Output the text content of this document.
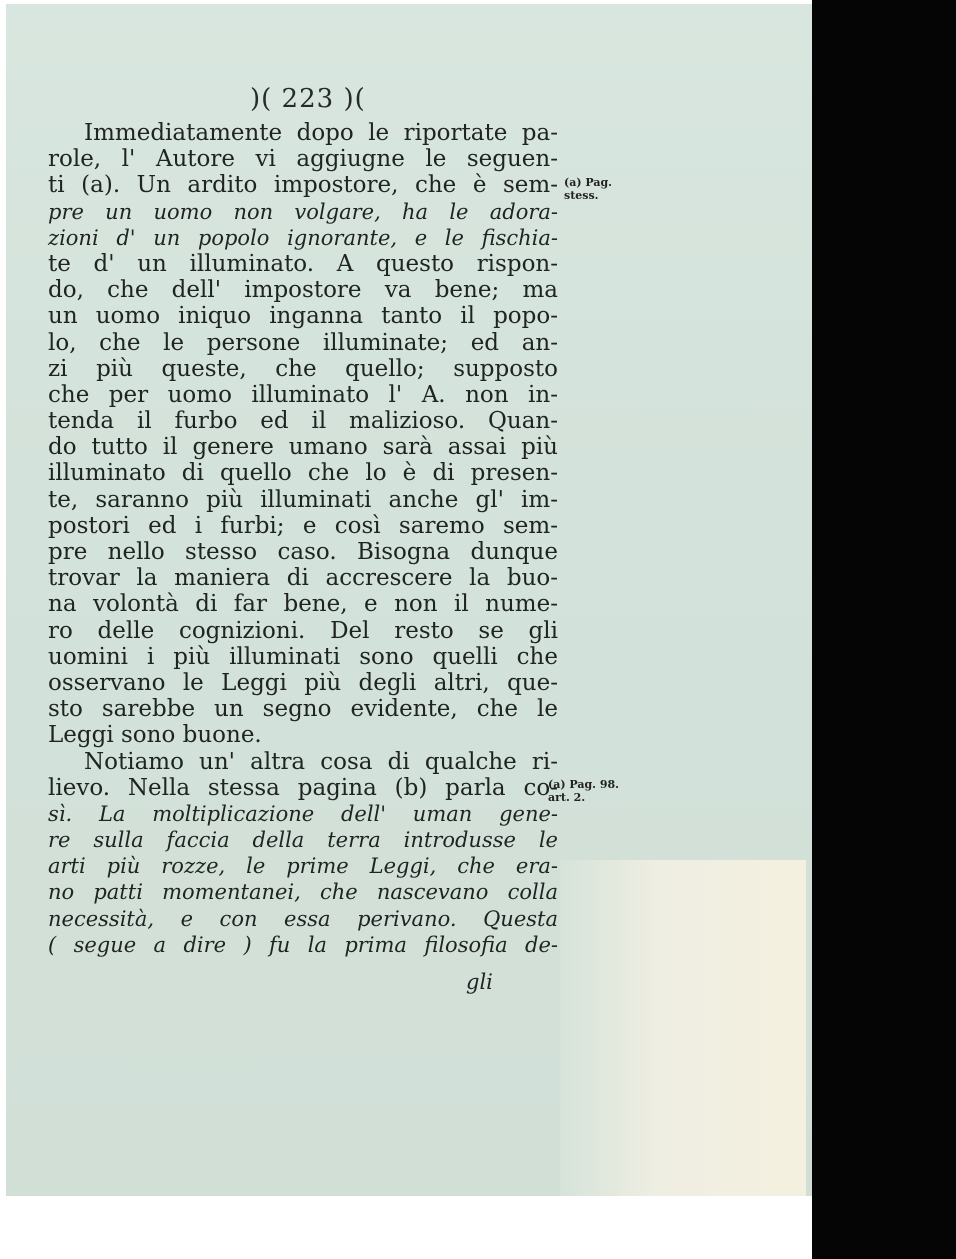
)( 223 )(
Immediatamente dopo le riportate pa-
role, l' Autore vi aggiugne le seguen-
ti (a). Un ardito impostore, che è sem-
pre un uomo non volgare, ha le adora-
zioni d' un popolo ignorante, e le fischia-
te d' un illuminato. A questo rispon-
do, che dell' impostore va bene; ma
un uomo iniquo inganna tanto il popo-
lo, che le persone illuminate; ed an-
zi più queste, che quello; supposto
che per uomo illuminato l' A. non in-
tenda il furbo ed il malizioso. Quan-
do tutto il genere umano sarà assai più
illuminato di quello che lo è di presen-
te, saranno più illuminati anche gl' im-
postori ed i furbi; e così saremo sem-
pre nello stesso caso. Bisogna dunque
trovar la maniera di accrescere la buo-
na volontà di far bene, e non il nume-
ro delle cognizioni. Del resto se gli
uomini i più illuminati sono quelli che
osservano le Leggi più degli altri, que-
sto sarebbe un segno evidente, che le
Leggi sono buone.
Notiamo un' altra cosa di qualche ri-
lievo. Nella stessa pagina (b) parla co-
sì. La moltiplicazione dell' uman gene-
re sulla faccia della terra introdusse le
arti più rozze, le prime Leggi, che era-
no patti momentanei, che nascevano colla
necessità, e con essa perivano. Questa
( segue a dire ) fu la prima filosofia de-
gli
(a) Pag. stess.
(a) Pag. 98. art. 2.
